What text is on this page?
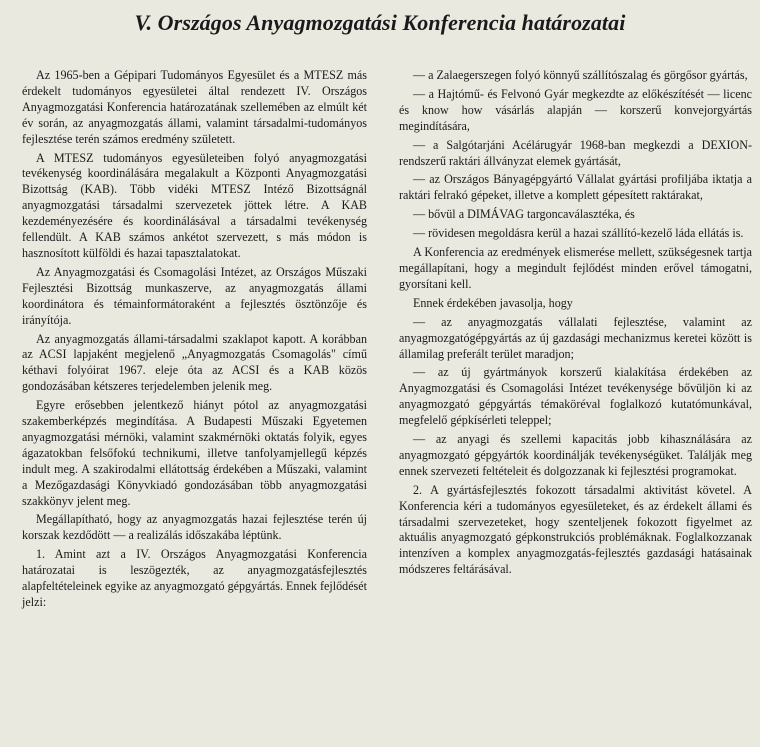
V. Országos Anyagmozgatási Konferencia határozatai

Az 1965-ben a Gépipari Tudományos Egyesület és a MTESZ más érdekelt tudományos egyesületei által rendezett IV. Országos Anyagmozgatási Konferencia határozatának szellemében az elmúlt két év során, az anyagmozgatás állami, valamint társadalmi-tudományos fejlesztése terén számos eredmény született.

A MTESZ tudományos egyesületeiben folyó anyagmozgatási tevékenység koordinálására megalakult a Központi Anyagmozgatási Bizottság (KAB). Több vidéki MTESZ Intéző Bizottságnál anyagmozgatási társadalmi szervezetek jöttek létre. A KAB kezdeményezésére és koordinálásával a társadalmi tevékenység fellendült. A KAB számos ankétot szervezett, s más módon is hasznosított külföldi és hazai tapasztalatokat.

Az Anyagmozgatási és Csomagolási Intézet, az Országos Műszaki Fejlesztési Bizottság munkaszerve, az anyagmozgatás állami koordinátora és témainformátoraként a fejlesztés ösztönzője és irányítója.

Az anyagmozgatás állami-társadalmi szaklapot kapott. A korábban az ACSI lapjaként megjelenő „Anyagmozgatás Csomagolás" című kéthavi folyóirat 1967. eleje óta az ACSI és a KAB közös gondozásában kétszeres terjedelemben jelenik meg.

Egyre erősebben jelentkező hiányt pótol az anyagmozgatási szakemberképzés megindítása. A Budapesti Műszaki Egyetemen anyagmozgatási mérnöki, valamint szakmérnöki oktatás folyik, egyes ágazatokban felsőfokú technikumi, illetve tanfolyamjellegű képzés indult meg. A szakirodalmi ellátottság érdekében a Műszaki, valamint a Mezőgazdasági Könyvkiadó gondozásában több anyagmozgatási szakkönyv jelent meg.

Megállapítható, hogy az anyagmozgatás hazai fejlesztése terén új korszak kezdődött — a realizálás időszakába léptünk.

1. Amint azt a IV. Országos Anyagmozgatási Konferencia határozatai is leszögezték, az anyagmozgatásfejlesztés alapfeltételeinek egyike az anyagmozgató gépgyártás. Ennek fejlődését jelzi:

— a Zalaegerszegen folyó könnyű szállítószalag és görgősor gyártás,

— a Hajtómű- és Felvonó Gyár megkezdte az előkészítését — licenc és know how vásárlás alapján — korszerű konvejorgyártás megindítására,

— a Salgótarjáni Acélárugyár 1968-ban megkezdi a DEXION-rendszerű raktári állványzat elemek gyártását,

— az Országos Bányagépgyártó Vállalat gyártási profiljába iktatja a raktári felrakó gépeket, illetve a komplett gépesített raktárakat,

— bővül a DIMÁVAG targoncaválasztéka, és

— rövidesen megoldásra kerül a hazai szállító-kezelő láda ellátás is.

A Konferencia az eredmények elismerése mellett, szükségesnek tartja megállapítani, hogy a megindult fejlődést minden erővel támogatni, gyorsítani kell.

Ennek érdekében javasolja, hogy

— az anyagmozgatás vállalati fejlesztése, valamint az anyagmozgatógépgyártás az új gazdasági mechanizmus keretei között is államilag preferált terület maradjon;

— az új gyártmányok korszerű kialakítása érdekében az Anyagmozgatási és Csomagolási Intézet tevékenysége bővüljön ki az anyagmozgató gépgyártás témaköréval foglalkozó kutatómunkával, megfelelő gépkísérleti teleppel;

— az anyagi és szellemi kapacitás jobb kihasználására az anyagmozgató gépgyártók koordinálják tevékenységüket. Találják meg ennek szervezeti feltételeit és dolgozzanak ki fejlesztési programokat.

2. A gyártásfejlesztés fokozott társadalmi aktivitást követel. A Konferencia kéri a tudományos egyesületeket, és az érdekelt állami és társadalmi szervezeteket, hogy szenteljenek fokozott figyelmet az aktuális anyagmozgató gépkonstrukciós problémáknak. Foglalkozzanak intenzíven a komplex anyagmozgatás-fejlesztés gazdasági hatásainak módszeres feltárásával.
